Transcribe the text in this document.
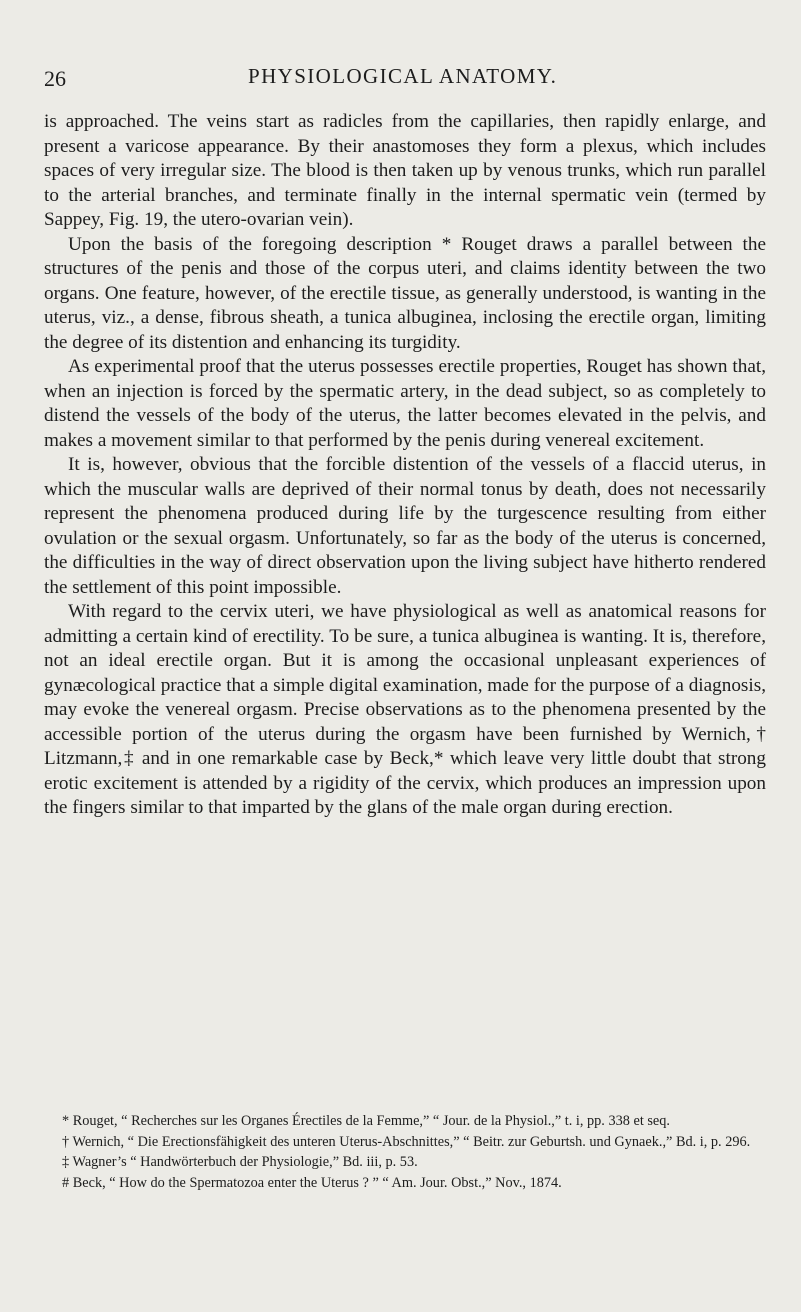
26	PHYSIOLOGICAL ANATOMY.

is approached. The veins start as radicles from the capillaries, then rapidly enlarge, and present a varicose appearance. By their anastomoses they form a plexus, which includes spaces of very irregular size. The blood is then taken up by venous trunks, which run parallel to the arterial branches, and terminate finally in the internal spermatic vein (termed by Sappey, Fig. 19, the utero-ovarian vein).

Upon the basis of the foregoing description * Rouget draws a parallel between the structures of the penis and those of the corpus uteri, and claims identity between the two organs. One feature, however, of the erectile tissue, as generally understood, is wanting in the uterus, viz., a dense, fibrous sheath, a tunica albuginea, inclosing the erectile organ, limiting the degree of its distention and enhancing its turgidity.

As experimental proof that the uterus possesses erectile properties, Rouget has shown that, when an injection is forced by the spermatic artery, in the dead subject, so as completely to distend the vessels of the body of the uterus, the latter becomes elevated in the pelvis, and makes a movement similar to that performed by the penis during venereal excitement.

It is, however, obvious that the forcible distention of the vessels of a flaccid uterus, in which the muscular walls are deprived of their normal tonus by death, does not necessarily represent the phenomena produced during life by the turgescence resulting from either ovulation or the sexual orgasm. Unfortunately, so far as the body of the uterus is concerned, the difficulties in the way of direct observation upon the living subject have hitherto rendered the settlement of this point impossible.

With regard to the cervix uteri, we have physiological as well as anatomical reasons for admitting a certain kind of erectility. To be sure, a tunica albuginea is wanting. It is, therefore, not an ideal erectile organ. But it is among the occasional unpleasant experiences of gynæcological practice that a simple digital examination, made for the purpose of a diagnosis, may evoke the venereal orgasm. Precise observations as to the phenomena presented by the accessible portion of the uterus during the orgasm have been furnished by Wernich,† Litzmann,‡ and in one remarkable case by Beck,* which leave very little doubt that strong erotic excitement is attended by a rigidity of the cervix, which produces an impression upon the fingers similar to that imparted by the glans of the male organ during erection.

* Rouget, “ Recherches sur les Organes Érectiles de la Femme,” “ Jour. de la Physiol.,” t. i, pp. 338 et seq.

† Wernich, “ Die Erectionsfähigkeit des unteren Uterus-Abschnittes,” “ Beitr. zur Geburtsh. und Gynaek.,” Bd. i, p. 296.

‡ Wagner’s “ Handwörterbuch der Physiologie,” Bd. iii, p. 53.

# Beck, “ How do the Spermatozoa enter the Uterus ? ” “ Am. Jour. Obst.,” Nov., 1874.
